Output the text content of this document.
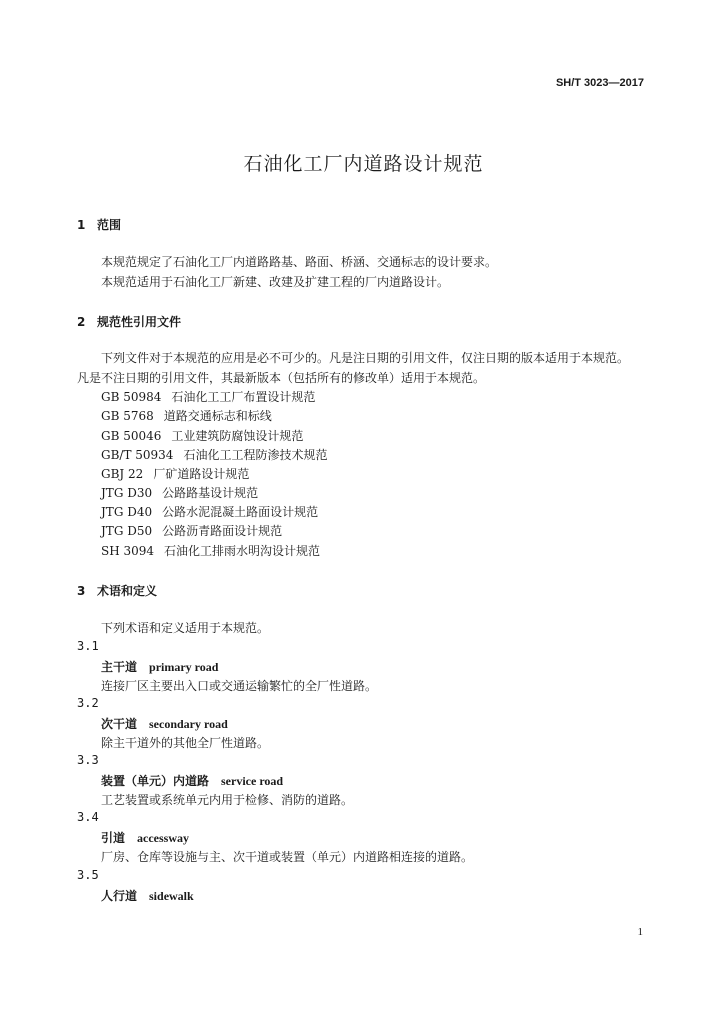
SH/T 3023—2017
石油化工厂内道路设计规范
1 范围
本规范规定了石油化工厂内道路路基、路面、桥涵、交通标志的设计要求。
本规范适用于石油化工厂新建、改建及扩建工程的厂内道路设计。
2 规范性引用文件
下列文件对于本规范的应用是必不可少的。凡是注日期的引用文件，仅注日期的版本适用于本规范。
凡是不注日期的引用文件，其最新版本（包括所有的修改单）适用于本规范。
GB 50984 石油化工工厂布置设计规范
GB 5768 道路交通标志和标线
GB 50046 工业建筑防腐蚀设计规范
GB/T 50934 石油化工工程防渗技术规范
GBJ 22 厂矿道路设计规范
JTG D30 公路路基设计规范
JTG D40 公路水泥混凝土路面设计规范
JTG D50 公路沥青路面设计规范
SH 3094 石油化工排雨水明沟设计规范
3 术语和定义
下列术语和定义适用于本规范。
3.1
主干道 primary road
连接厂区主要出入口或交通运输繁忙的全厂性道路。
3.2
次干道 secondary road
除主干道外的其他全厂性道路。
3.3
装置（单元）内道路 service road
工艺装置或系统单元内用于检修、消防的道路。
3.4
引道 accessway
厂房、仓库等设施与主、次干道或装置（单元）内道路相连接的道路。
3.5
人行道 sidewalk
1
